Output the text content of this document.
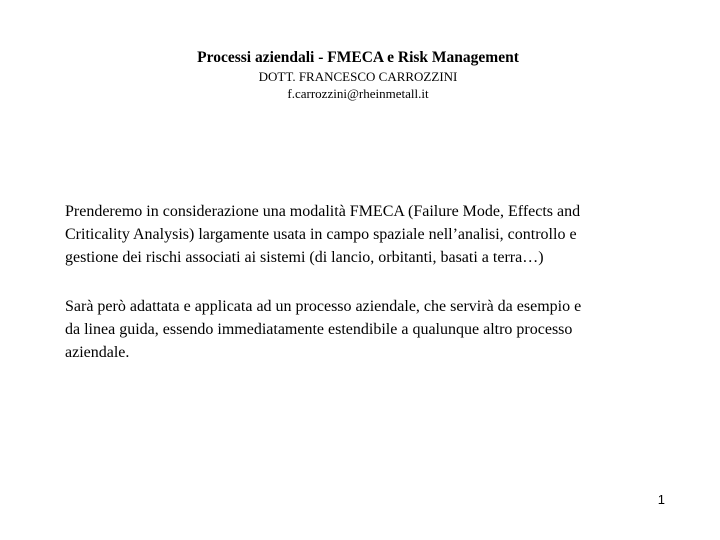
Processi aziendali - FMECA e Risk Management
DOTT. FRANCESCO CARROZZINI
f.carrozzini@rheinmetall.it
Prenderemo in considerazione una modalità FMECA (Failure Mode, Effects and
Criticality Analysis) largamente usata in campo spaziale nell’analisi, controllo e
gestione dei rischi associati ai sistemi (di lancio, orbitanti, basati a terra…)
Sarà però adattata e applicata ad un processo aziendale, che servirà da esempio e
da linea guida, essendo immediatamente estendibile a qualunque altro processo
aziendale.
1
